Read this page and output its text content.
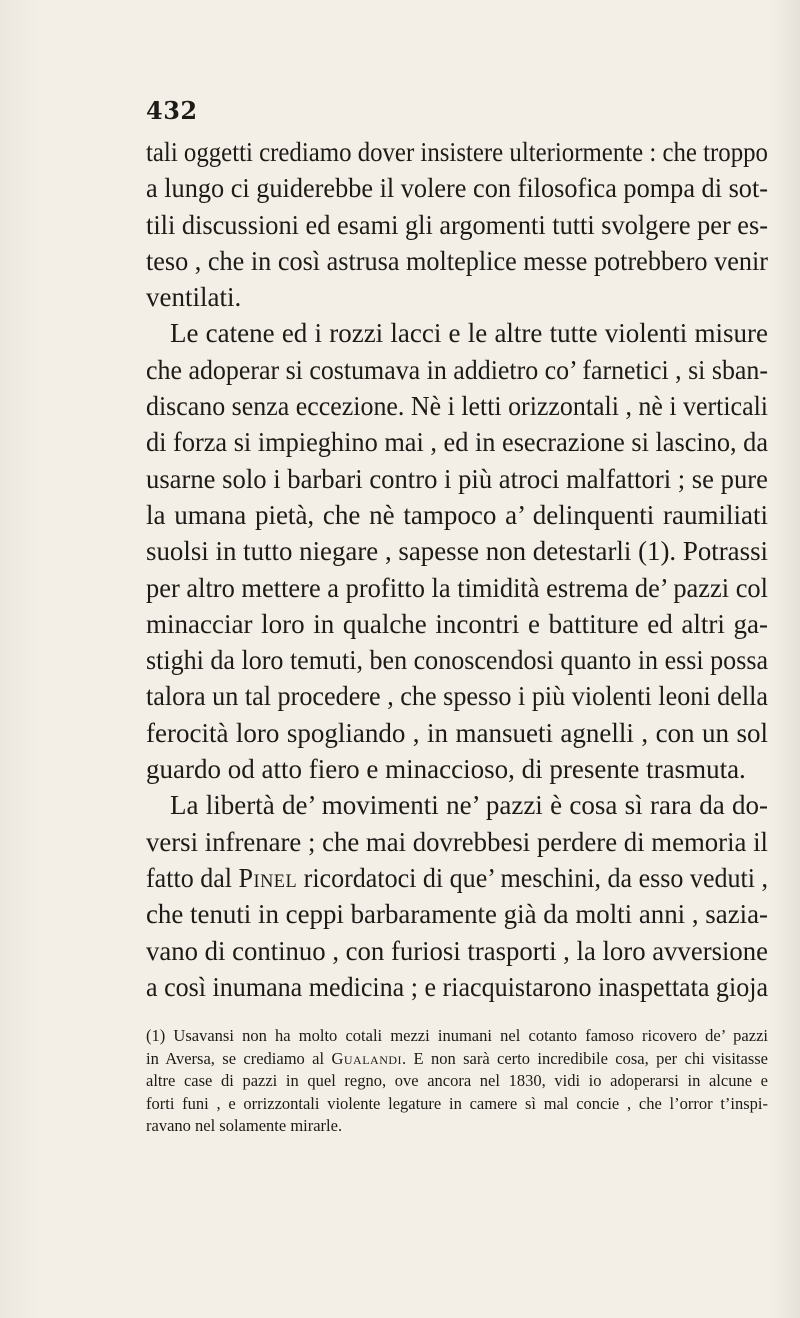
432
tali oggetti crediamo dover insistere ulteriormente : che troppo
a lungo ci guiderebbe il volere con filosofica pompa di sot-
tili discussioni ed esami gli argomenti tutti svolgere per es-
teso , che in così astrusa molteplice messe potrebbero venir
ventilati.
Le catene ed i rozzi lacci e le altre tutte violenti misure
che adoperar si costumava in addietro co’ farnetici , si sban-
discano senza eccezione. Nè i letti orizzontali , nè i verticali
di forza si impieghino mai , ed in esecrazione si lascino, da
usarne solo i barbari contro i più atroci malfattori ; se pure
la umana pietà, che nè tampoco a’ delinquenti raumiliati
suolsi in tutto niegare , sapesse non detestarli (1). Potrassi
per altro mettere a profitto la timidità estrema de’ pazzi col
minacciar loro in qualche incontri e battiture ed altri ga-
stighi da loro temuti, ben conoscendosi quanto in essi possa
talora un tal procedere , che spesso i più violenti leoni della
ferocità loro spogliando , in mansueti agnelli , con un sol
guardo od atto fiero e minaccioso, di presente trasmuta.
La libertà de’ movimenti ne’ pazzi è cosa sì rara da do-
versi infrenare ; che mai dovrebbesi perdere di memoria il
fatto dal Pinel ricordatoci di que’ meschini, da esso veduti ,
che tenuti in ceppi barbaramente già da molti anni , sazia-
vano di continuo , con furiosi trasporti , la loro avversione
a così inumana medicina ; e riacquistarono inaspettata gioja
(1) Usavansi non ha molto cotali mezzi inumani nel cotanto famoso ricovero de’ pazzi
in Aversa, se crediamo al Gualandi. E non sarà certo incredibile cosa, per chi visitasse
altre case di pazzi in quel regno, ove ancora nel 1830, vidi io adoperarsi in alcune e
forti funi , e orrizzontali violente legature in camere sì mal concie , che l’orror t’inspi-
ravano nel solamente mirarle.
